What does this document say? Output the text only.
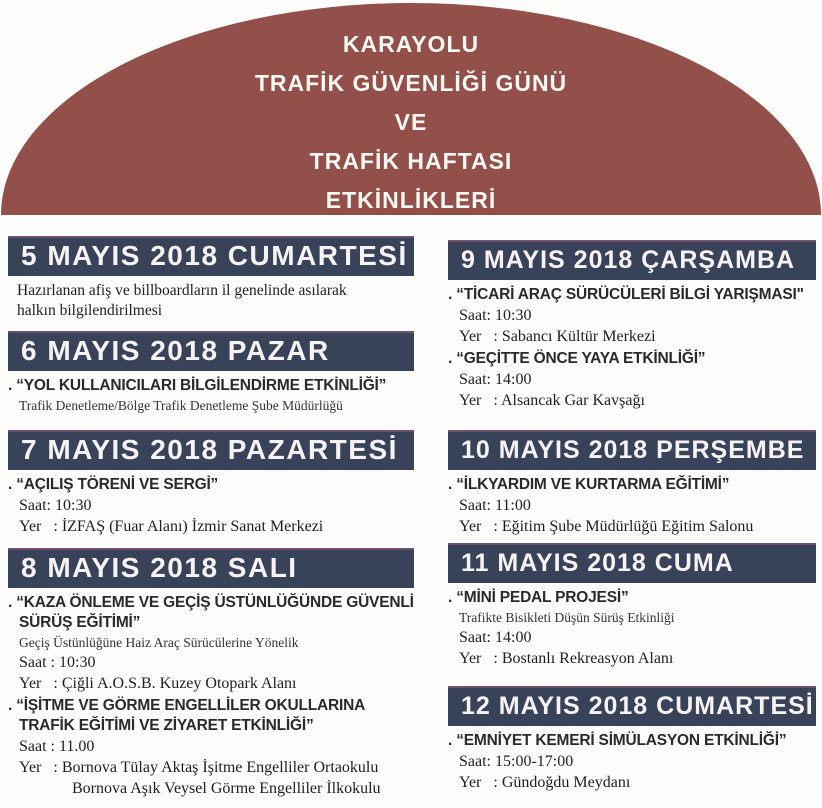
KARAYOLU
TRAFİK GÜVENLİĞİ GÜNÜ
VE
TRAFİK HAFTASI
ETKİNLİKLERİ
5 MAYIS 2018 CUMARTESİ
Hazırlanan afiş ve billboardların il genelinde asılarak halkın bilgilendirilmesi
6 MAYIS 2018 PAZAR
. “YOL KULLANICILARI BİLGİLENDİRME ETKİNLİĞİ”
Trafik Denetleme/Bölge Trafik Denetleme Şube Müdürlüğü
7 MAYIS 2018 PAZARTESİ
. “AÇILIŞ TÖRENİ VE SERGİ”
Saat: 10:30
Yer   : İZFAŞ (Fuar Alanı) İzmir Sanat Merkezi
8 MAYIS 2018 SALI
. “KAZA ÖNLEME VE GEÇİŞ ÜSTÜNLÜĞÜNDE GÜVENLİ SÜRÜŞ EĞİTİMİ”
Geçiş Üstünlüğüne Haiz Araç Sürücülerine Yönelik
Saat : 10:30
Yer   : Çiğli A.O.S.B. Kuzey Otopark Alanı
. “İŞİTME VE GÖRME ENGELLİLER OKULLARINA TRAFİK EĞİTİMİ VE ZİYARET ETKİNLİĞİ”
Saat : 11.00
Yer   : Bornova Tülay Aktaş İşitme Engelliler Ortaokulu
Bornova Aşık Veysel Görme Engelliler İlkokulu
9 MAYIS 2018 ÇARŞAMBA
. “TİCARİ ARAÇ SÜRÜCÜLERİ BİLGİ YARIŞMASI"
Saat: 10:30
Yer   : Sabancı Kültür Merkezi
. “GEÇİTTE ÖNCE YAYA ETKİNLİĞİ”
Saat: 14:00
Yer   : Alsancak Gar Kavşağı
10 MAYIS 2018 PERŞEMBE
. “İLKYARDIM VE KURTARMA EĞİTİMİ”
Saat: 11:00
Yer   : Eğitim Şube Müdürlüğü Eğitim Salonu
11 MAYIS 2018 CUMA
. “MİNİ PEDAL PROJESİ”
Trafikte Bisikleti Düşün Sürüş Etkinliği
Saat: 14:00
Yer   : Bostanlı Rekreasyon Alanı
12 MAYIS 2018 CUMARTESİ
. “EMNİYET KEMERİ SİMÜLASYON ETKİNLİĞİ”
Saat: 15:00-17:00
Yer   : Gündoğdu Meydanı
